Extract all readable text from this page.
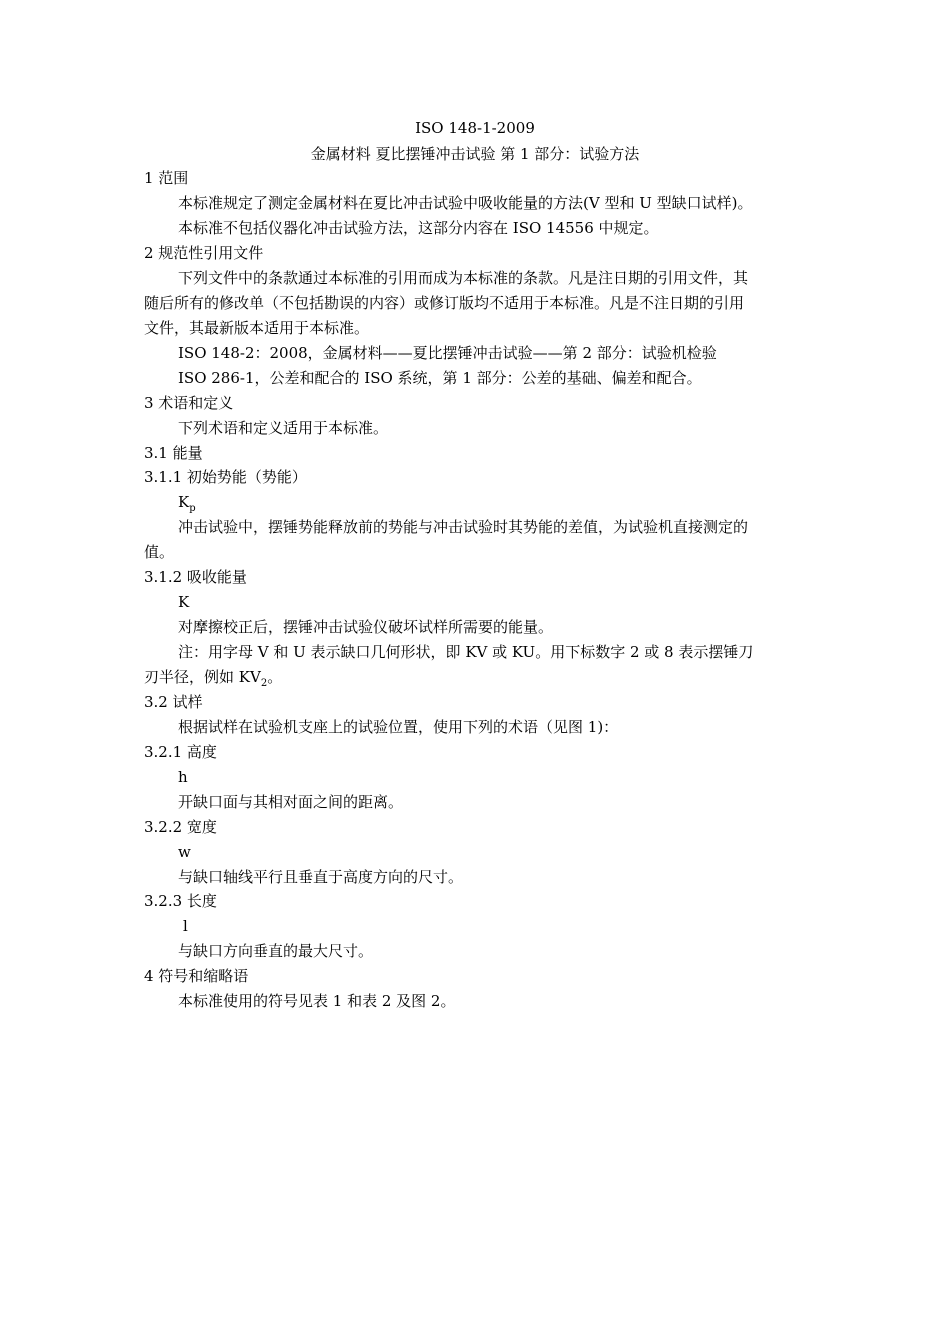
ISO 148-1-2009
金属材料 夏比摆锤冲击试验 第 1 部分：试验方法
1 范围
本标准规定了测定金属材料在夏比冲击试验中吸收能量的方法(V 型和 U 型缺口试样)。
本标准不包括仪器化冲击试验方法，这部分内容在 ISO 14556 中规定。
2 规范性引用文件
下列文件中的条款通过本标准的引用而成为本标准的条款。凡是注日期的引用文件，其
随后所有的修改单（不包括勘误的内容）或修订版均不适用于本标准。凡是不注日期的引用
文件，其最新版本适用于本标准。
ISO 148-2：2008，金属材料——夏比摆锤冲击试验——第 2 部分：试验机检验
ISO 286-1，公差和配合的 ISO 系统，第 1 部分：公差的基础、偏差和配合。
3 术语和定义
下列术语和定义适用于本标准。
3.1 能量
3.1.1 初始势能（势能）
$K_p$
冲击试验中，摆锤势能释放前的势能与冲击试验时其势能的差值，为试验机直接测定的
值。
3.1.2 吸收能量
K
对摩擦校正后，摆锤冲击试验仪破坏试样所需要的能量。
注：用字母 V 和 U 表示缺口几何形状，即 KV 或 KU。用下标数字 2 或 8 表示摆锤刀
刃半径，例如 $KV_2$。
3.2 试样
根据试样在试验机支座上的试验位置，使用下列的术语（见图 1)：
3.2.1 高度
h
开缺口面与其相对面之间的距离。
3.2.2 宽度
w
与缺口轴线平行且垂直于高度方向的尺寸。
3.2.3 长度
l
与缺口方向垂直的最大尺寸。
4 符号和缩略语
本标准使用的符号见表 1 和表 2 及图 2。
